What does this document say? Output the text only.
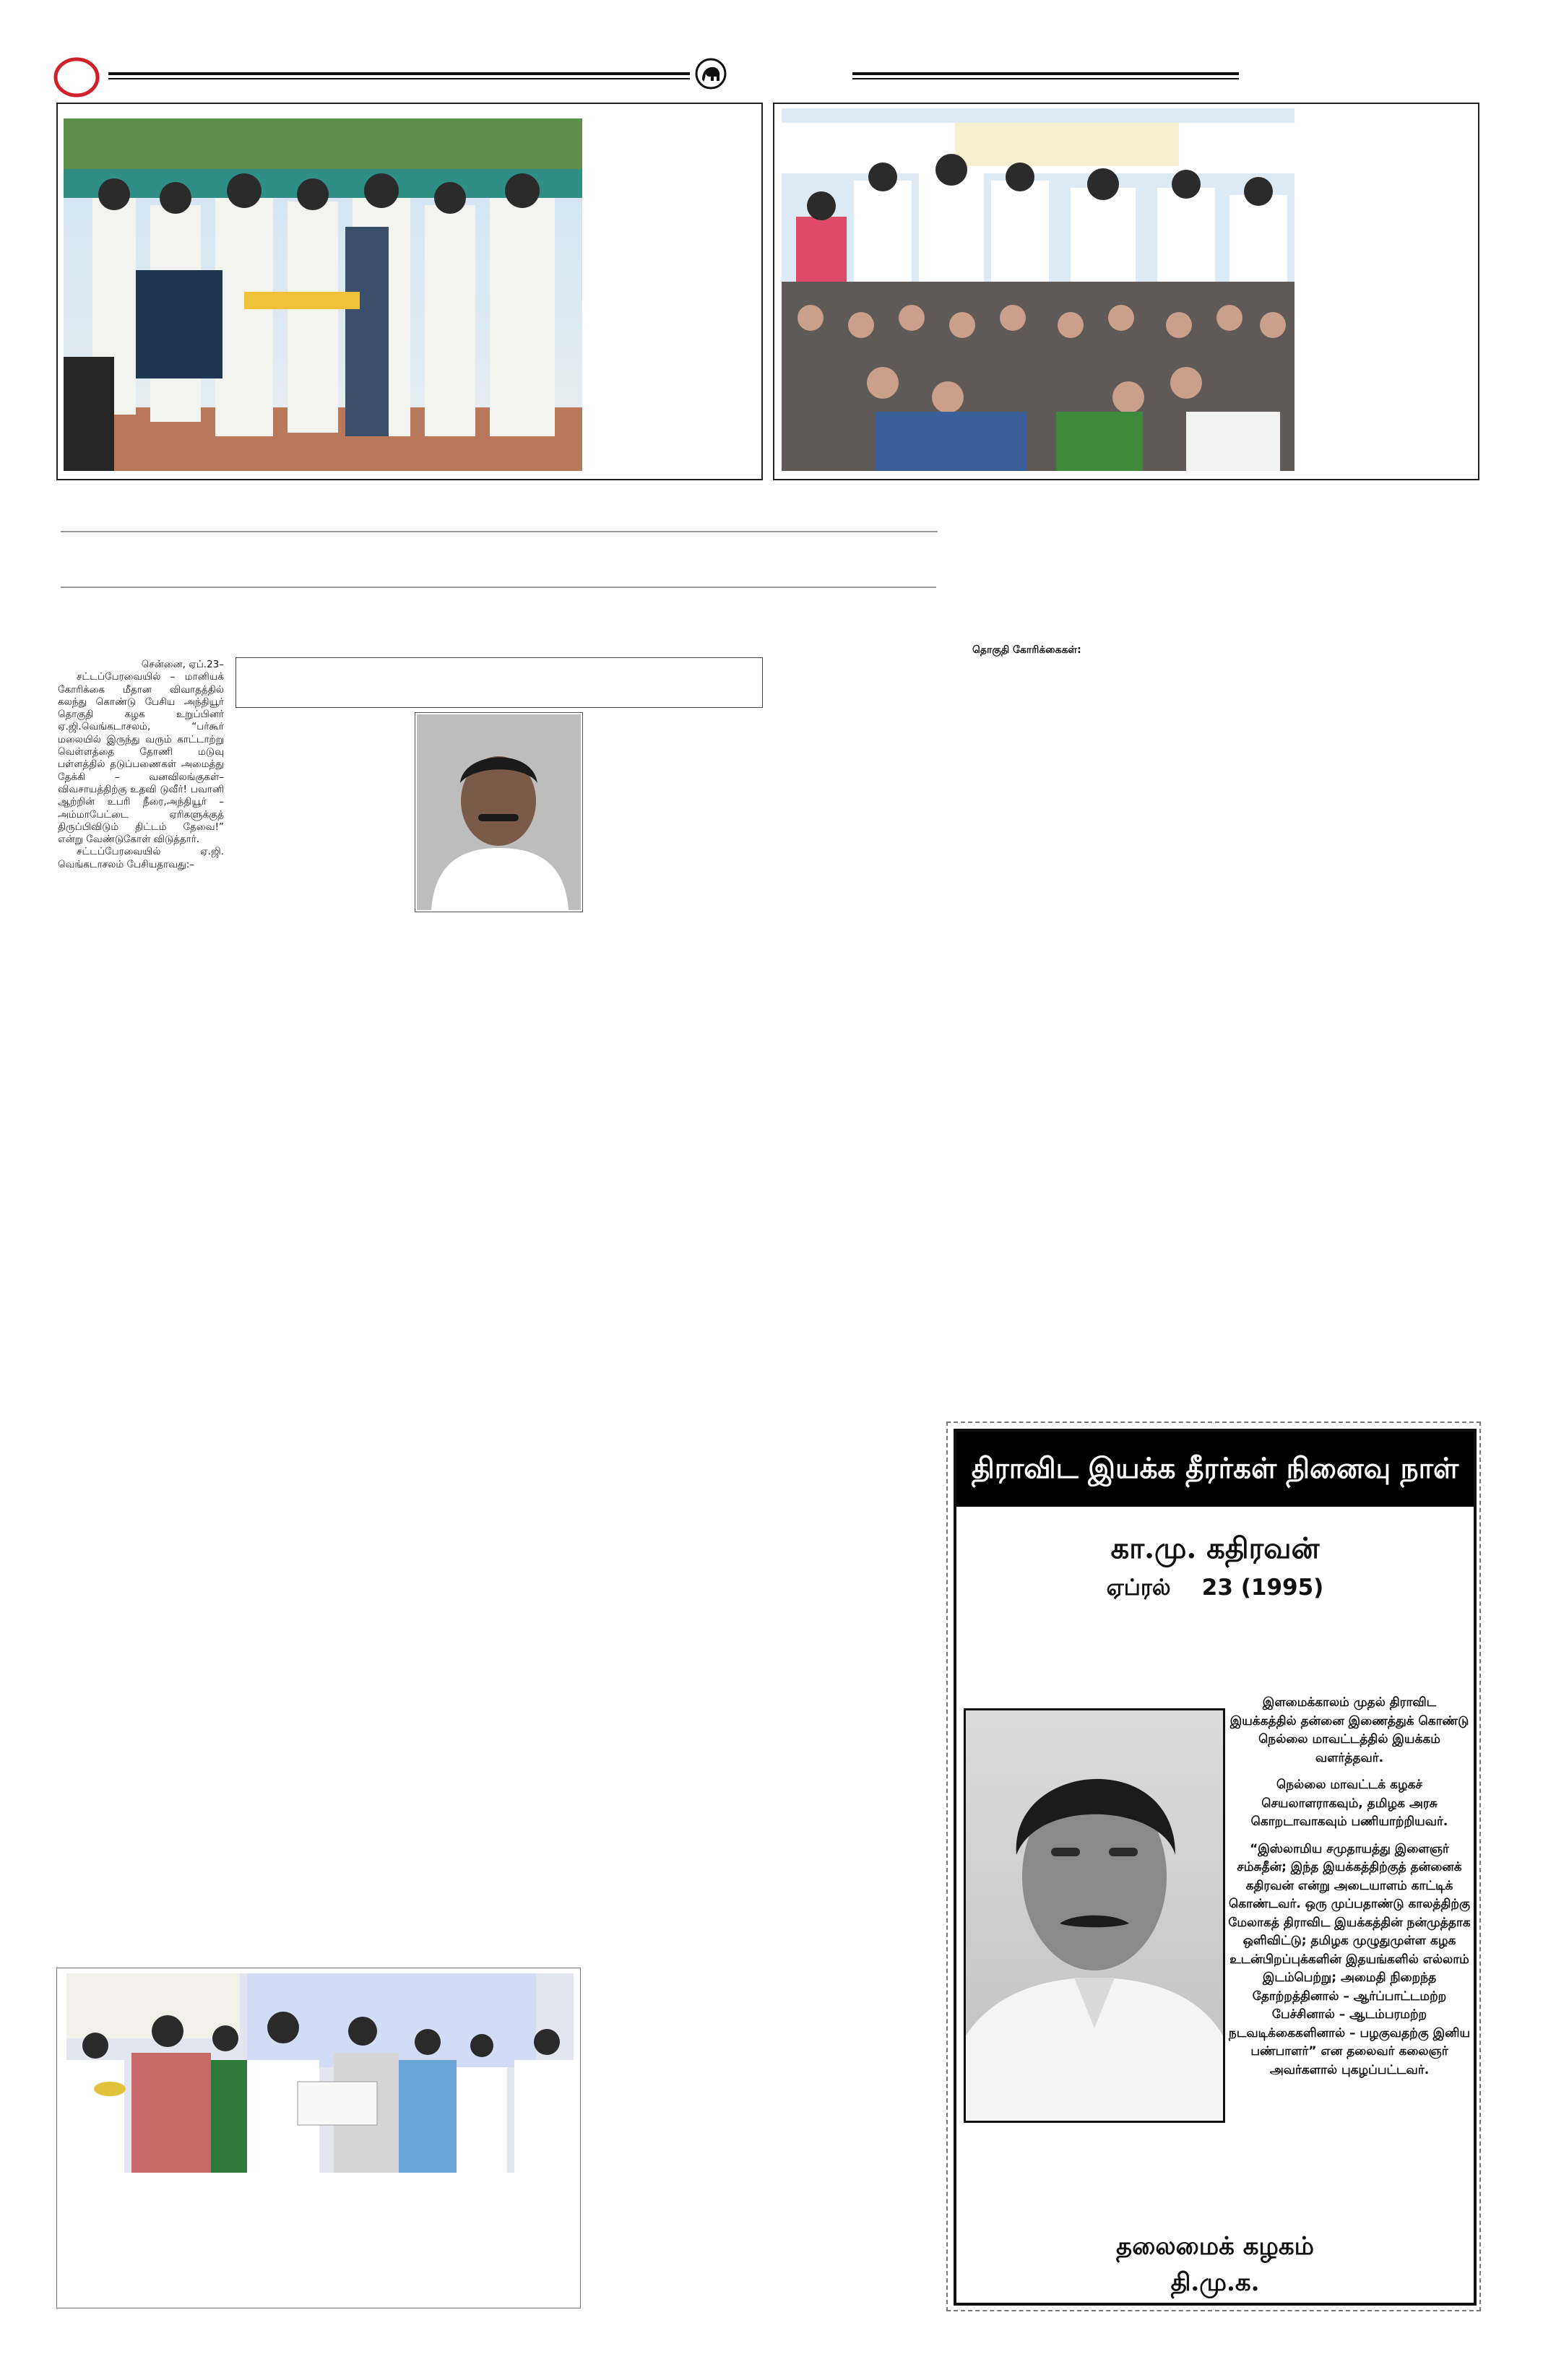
சென்னை, ஏப்.23–

சட்டப்பேரவையில் – மானியக் கோரிக்கை மீதான விவாதத்தில் கலந்து கொண்டு பேசிய அந்தியூர் தொகுதி கழக உறுப்பினர் ஏ.ஜி.வெங்கடாசலம், “பர்கூர் மலையில் இருந்து வரும் காட்டாற்று வெள்ளத்தை தோணி மடுவு பள்ளத்தில் தடுப்பணைகள் அமைத்து தேக்கி – வனவிலங்குகள்–விவசாயத்திற்கு உதவி டுவீர்! பவானி ஆற்றின் உபரி நீரை,அந்தியூர் – அம்மாபேட்டை ஏரிகளுக்குத் திருப்பிவிடும் திட்டம் தேவை!” என்று வேண்டுகோள் விடுத்தார்.

சட்டப்பேரவையில் ஏ.ஜி. வெங்கடாசலம் பேசியதாவது:–

தொகுதி கோரிக்கைகள்:
திராவிட இயக்க தீரர்கள் நினைவு நாள்
கா.மு. கதிரவன்
ஏப்ரல்    23 (1995)

இளமைக்காலம் முதல் திராவிட இயக்கத்தில் தன்னை இணைத்துக் கொண்டு நெல்லை மாவட்டத்தில் இயக்கம் வளர்த்தவர்.

நெல்லை மாவட்டக் கழகச் செயலாளராகவும், தமிழக அரசு கொறடாவாகவும் பணியாற்றியவர்.

“இஸ்லாமிய சமுதாயத்து இளைஞர் சம்சுதீன்; இந்த இயக்கத்திற்குத் தன்னைக் கதிரவன் என்று அடையாளம் காட்டிக் கொண்டவர். ஒரு முப்பதாண்டு காலத்திற்கு மேலாகத் திராவிட இயக்கத்தின் நன்முத்தாக ஒளிவிட்டு; தமிழக முழுதுமுள்ள கழக உடன்பிறப்புக்களின் இதயங்களில் எல்லாம் இடம்பெற்று; அமைதி நிறைந்த தோற்றத்தினால் – ஆர்ப்பாட்டமற்ற பேச்சினால் – ஆடம்பரமற்ற நடவடிக்கைகளினால் – பழகுவதற்கு இனிய பண்பாளர்” என தலைவர் கலைஞர் அவர்களால் புகழப்பட்டவர்.

தலைமைக் கழகம்
தி.மு.க.
